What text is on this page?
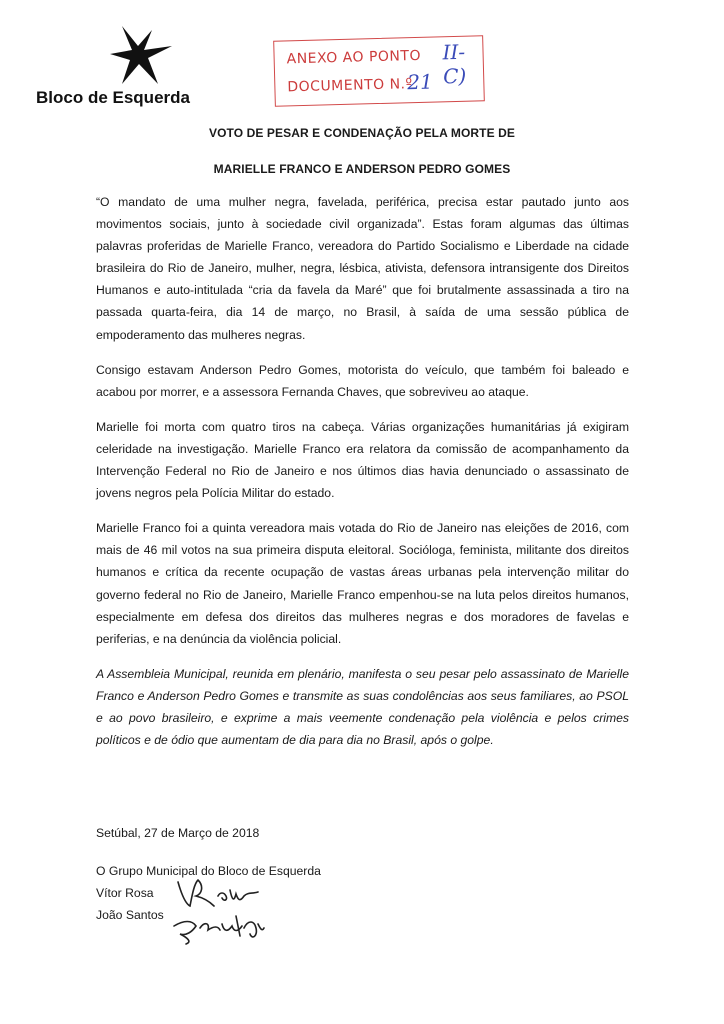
Bloco de Esquerda
ANEXO AO PONTO II-C)
DOCUMENTO N.º
21
VOTO DE PESAR E CONDENAÇÃO PELA MORTE DE
MARIELLE FRANCO E ANDERSON PEDRO GOMES

“O mandato de uma mulher negra, favelada, periférica, precisa estar pautado junto aos movimentos sociais, junto à sociedade civil organizada”. Estas foram algumas das últimas palavras proferidas de Marielle Franco, vereadora do Partido Socialismo e Liberdade na cidade brasileira do Rio de Janeiro, mulher, negra, lésbica, ativista, defensora intransigente dos Direitos Humanos e auto-intitulada “cria da favela da Maré” que foi brutalmente assassinada a tiro na passada quarta-feira, dia 14 de março, no Brasil, à saída de uma sessão pública de empoderamento das mulheres negras.

Consigo estavam Anderson Pedro Gomes, motorista do veículo, que também foi baleado e acabou por morrer, e a assessora Fernanda Chaves, que sobreviveu ao ataque.

Marielle foi morta com quatro tiros na cabeça. Várias organizações humanitárias já exigiram celeridade na investigação. Marielle Franco era relatora da comissão de acompanhamento da Intervenção Federal no Rio de Janeiro e nos últimos dias havia denunciado o assassinato de jovens negros pela Polícia Militar do estado.

Marielle Franco foi a quinta vereadora mais votada do Rio de Janeiro nas eleições de 2016, com mais de 46 mil votos na sua primeira disputa eleitoral. Socióloga, feminista, militante dos direitos humanos e crítica da recente ocupação de vastas áreas urbanas pela intervenção militar do governo federal no Rio de Janeiro, Marielle Franco empenhou-se na luta pelos direitos humanos, especialmente em defesa dos direitos das mulheres negras e dos moradores de favelas e periferias, e na denúncia da violência policial.

A Assembleia Municipal, reunida em plenário, manifesta o seu pesar pelo assassinato de Marielle Franco e Anderson Pedro Gomes e transmite as suas condolências aos seus familiares, ao PSOL e ao povo brasileiro, e exprime a mais veemente condenação pela violência e pelos crimes políticos e de ódio que aumentam de dia para dia no Brasil, após o golpe.

Setúbal, 27 de Março de 2018
O Grupo Municipal do Bloco de Esquerda
Vítor Rosa
João Santos
